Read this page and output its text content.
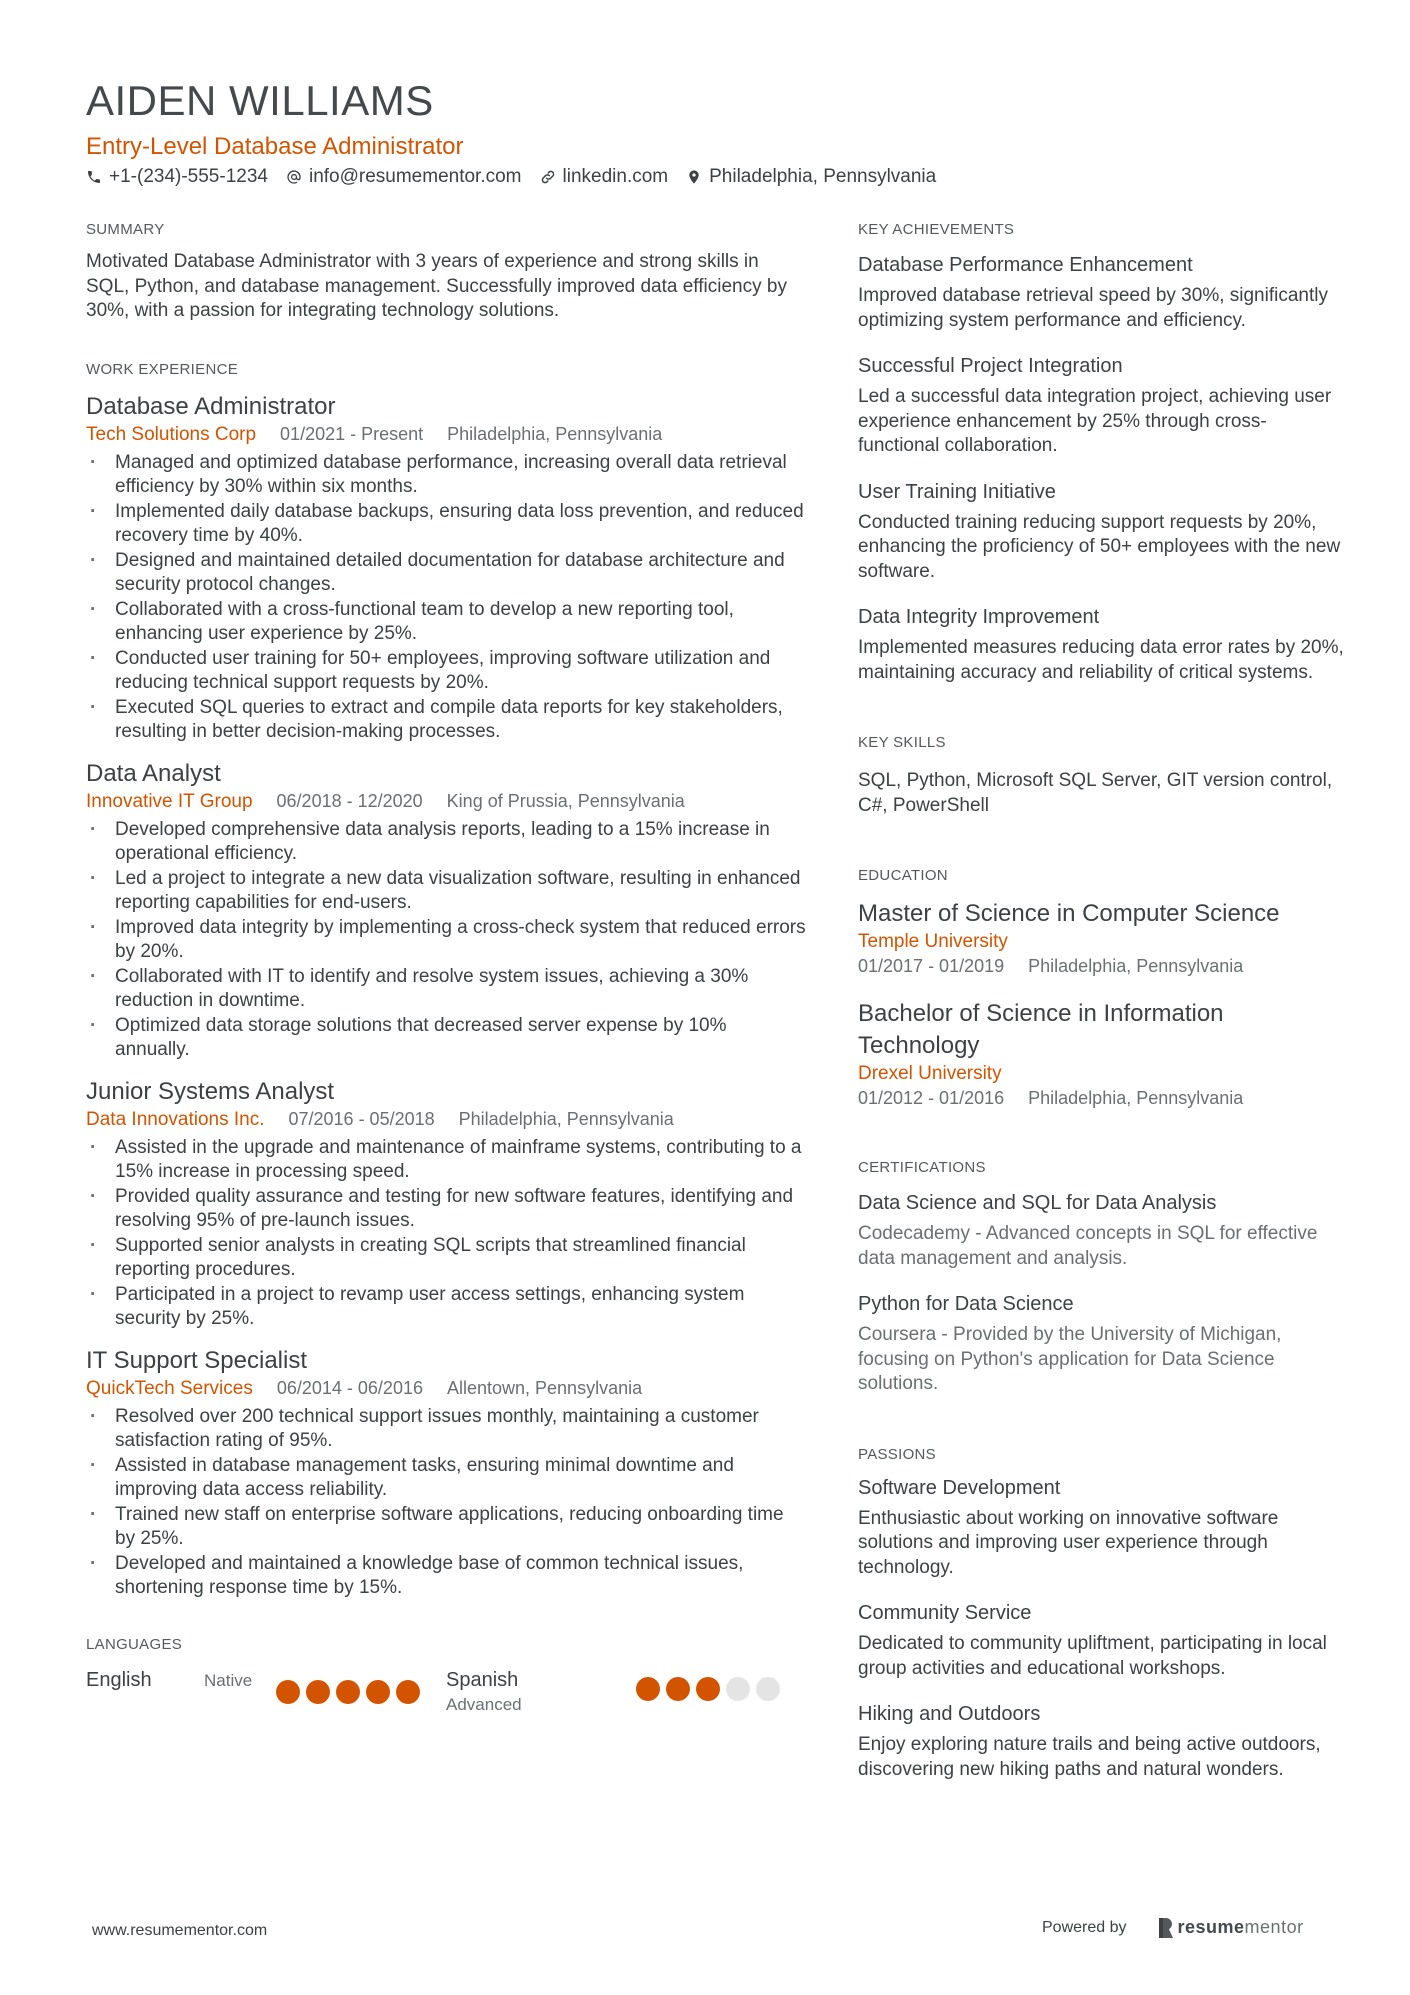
AIDEN WILLIAMS
Entry-Level Database Administrator
+1-(234)-555-1234 info@resumementor.com linkedin.com Philadelphia, Pennsylvania
SUMMARY
Motivated Database Administrator with 3 years of experience and strong skills in SQL, Python, and database management. Successfully improved data efficiency by 30%, with a passion for integrating technology solutions.
WORK EXPERIENCE
Database Administrator
Tech Solutions Corp 01/2021 - Present Philadelphia, Pennsylvania
· Managed and optimized database performance, increasing overall data retrieval efficiency by 30% within six months.
· Implemented daily database backups, ensuring data loss prevention, and reduced recovery time by 40%.
· Designed and maintained detailed documentation for database architecture and security protocol changes.
· Collaborated with a cross-functional team to develop a new reporting tool, enhancing user experience by 25%.
· Conducted user training for 50+ employees, improving software utilization and reducing technical support requests by 20%.
· Executed SQL queries to extract and compile data reports for key stakeholders, resulting in better decision-making processes.
Data Analyst
Innovative IT Group 06/2018 - 12/2020 King of Prussia, Pennsylvania
· Developed comprehensive data analysis reports, leading to a 15% increase in operational efficiency.
· Led a project to integrate a new data visualization software, resulting in enhanced reporting capabilities for end-users.
· Improved data integrity by implementing a cross-check system that reduced errors by 20%.
· Collaborated with IT to identify and resolve system issues, achieving a 30% reduction in downtime.
· Optimized data storage solutions that decreased server expense by 10% annually.
Junior Systems Analyst
Data Innovations Inc. 07/2016 - 05/2018 Philadelphia, Pennsylvania
· Assisted in the upgrade and maintenance of mainframe systems, contributing to a 15% increase in processing speed.
· Provided quality assurance and testing for new software features, identifying and resolving 95% of pre-launch issues.
· Supported senior analysts in creating SQL scripts that streamlined financial reporting procedures.
· Participated in a project to revamp user access settings, enhancing system security by 25%.
IT Support Specialist
QuickTech Services 06/2014 - 06/2016 Allentown, Pennsylvania
· Resolved over 200 technical support issues monthly, maintaining a customer satisfaction rating of 95%.
· Assisted in database management tasks, ensuring minimal downtime and improving data access reliability.
· Trained new staff on enterprise software applications, reducing onboarding time by 25%.
· Developed and maintained a knowledge base of common technical issues, shortening response time by 15%.
LANGUAGES
English	Native	Spanish
Advanced
KEY ACHIEVEMENTS
Database Performance Enhancement
Improved database retrieval speed by 30%, significantly optimizing system performance and efficiency.
Successful Project Integration
Led a successful data integration project, achieving user experience enhancement by 25% through cross-functional collaboration.
User Training Initiative
Conducted training reducing support requests by 20%, enhancing the proficiency of 50+ employees with the new software.
Data Integrity Improvement
Implemented measures reducing data error rates by 20%, maintaining accuracy and reliability of critical systems.
KEY SKILLS
SQL, Python, Microsoft SQL Server, GIT version control, C#, PowerShell
EDUCATION
Master of Science in Computer Science
Temple University
01/2017 - 01/2019 Philadelphia, Pennsylvania
Bachelor of Science in Information Technology
Drexel University
01/2012 - 01/2016 Philadelphia, Pennsylvania
CERTIFICATIONS
Data Science and SQL for Data Analysis
Codecademy - Advanced concepts in SQL for effective data management and analysis.
Python for Data Science
Coursera - Provided by the University of Michigan, focusing on Python's application for Data Science solutions.
PASSIONS
Software Development
Enthusiastic about working on innovative software solutions and improving user experience through technology.
Community Service
Dedicated to community upliftment, participating in local group activities and educational workshops.
Hiking and Outdoors
Enjoy exploring nature trails and being active outdoors, discovering new hiking paths and natural wonders.
www.resumementor.com	Powered by	resume mentor
